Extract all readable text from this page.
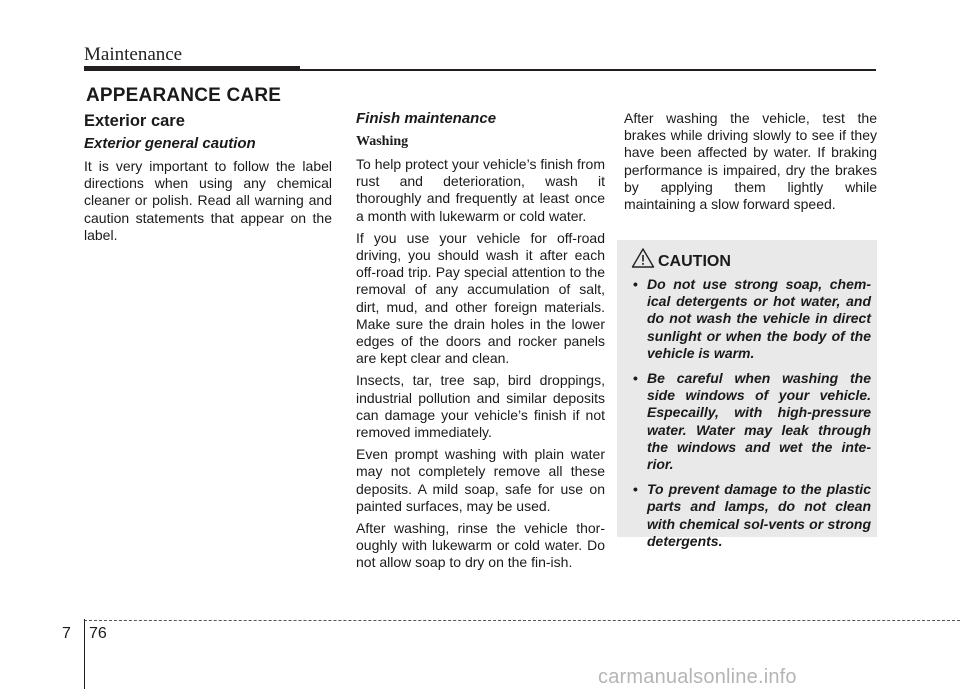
Maintenance
APPEARANCE CARE
Exterior care
Exterior general caution
It is very important to follow the label directions when using any chemical cleaner or polish. Read all warning and caution statements that appear on the label.
Finish maintenance
Washing
To help protect your vehicle’s finish from rust and deterioration, wash it thoroughly and frequently at least once a month with lukewarm or cold water.
If you use your vehicle for off-road driving, you should wash it after each off-road trip. Pay special attention to the removal of any accumulation of salt, dirt, mud, and other foreign materials. Make sure the drain holes in the lower edges of the doors and rocker panels are kept clear and clean.
Insects, tar, tree sap, bird droppings, industrial pollution and similar deposits can damage your vehicle’s finish if not removed immediately.
Even prompt washing with plain water may not completely remove all these deposits. A mild soap, safe for use on painted surfaces, may be used.
After washing, rinse the vehicle thor-oughly with lukewarm or cold water. Do not allow soap to dry on the fin-ish.
After washing the vehicle, test the brakes while driving slowly to see if they have been affected by water. If braking performance is impaired, dry the brakes by applying them lightly while maintaining a slow forward speed.
CAUTION
• Do not use strong soap, chem-ical detergents or hot water, and do not wash the vehicle in direct sunlight or when the body of the vehicle is warm.
• Be careful when washing the side windows of your vehicle. Especailly, with high-pressure water. Water may leak through the windows and wet the inte-rior.
• To prevent damage to the plastic parts and lamps, do not clean with chemical sol-vents or strong detergents.
7 76
carmanualsonline.info
